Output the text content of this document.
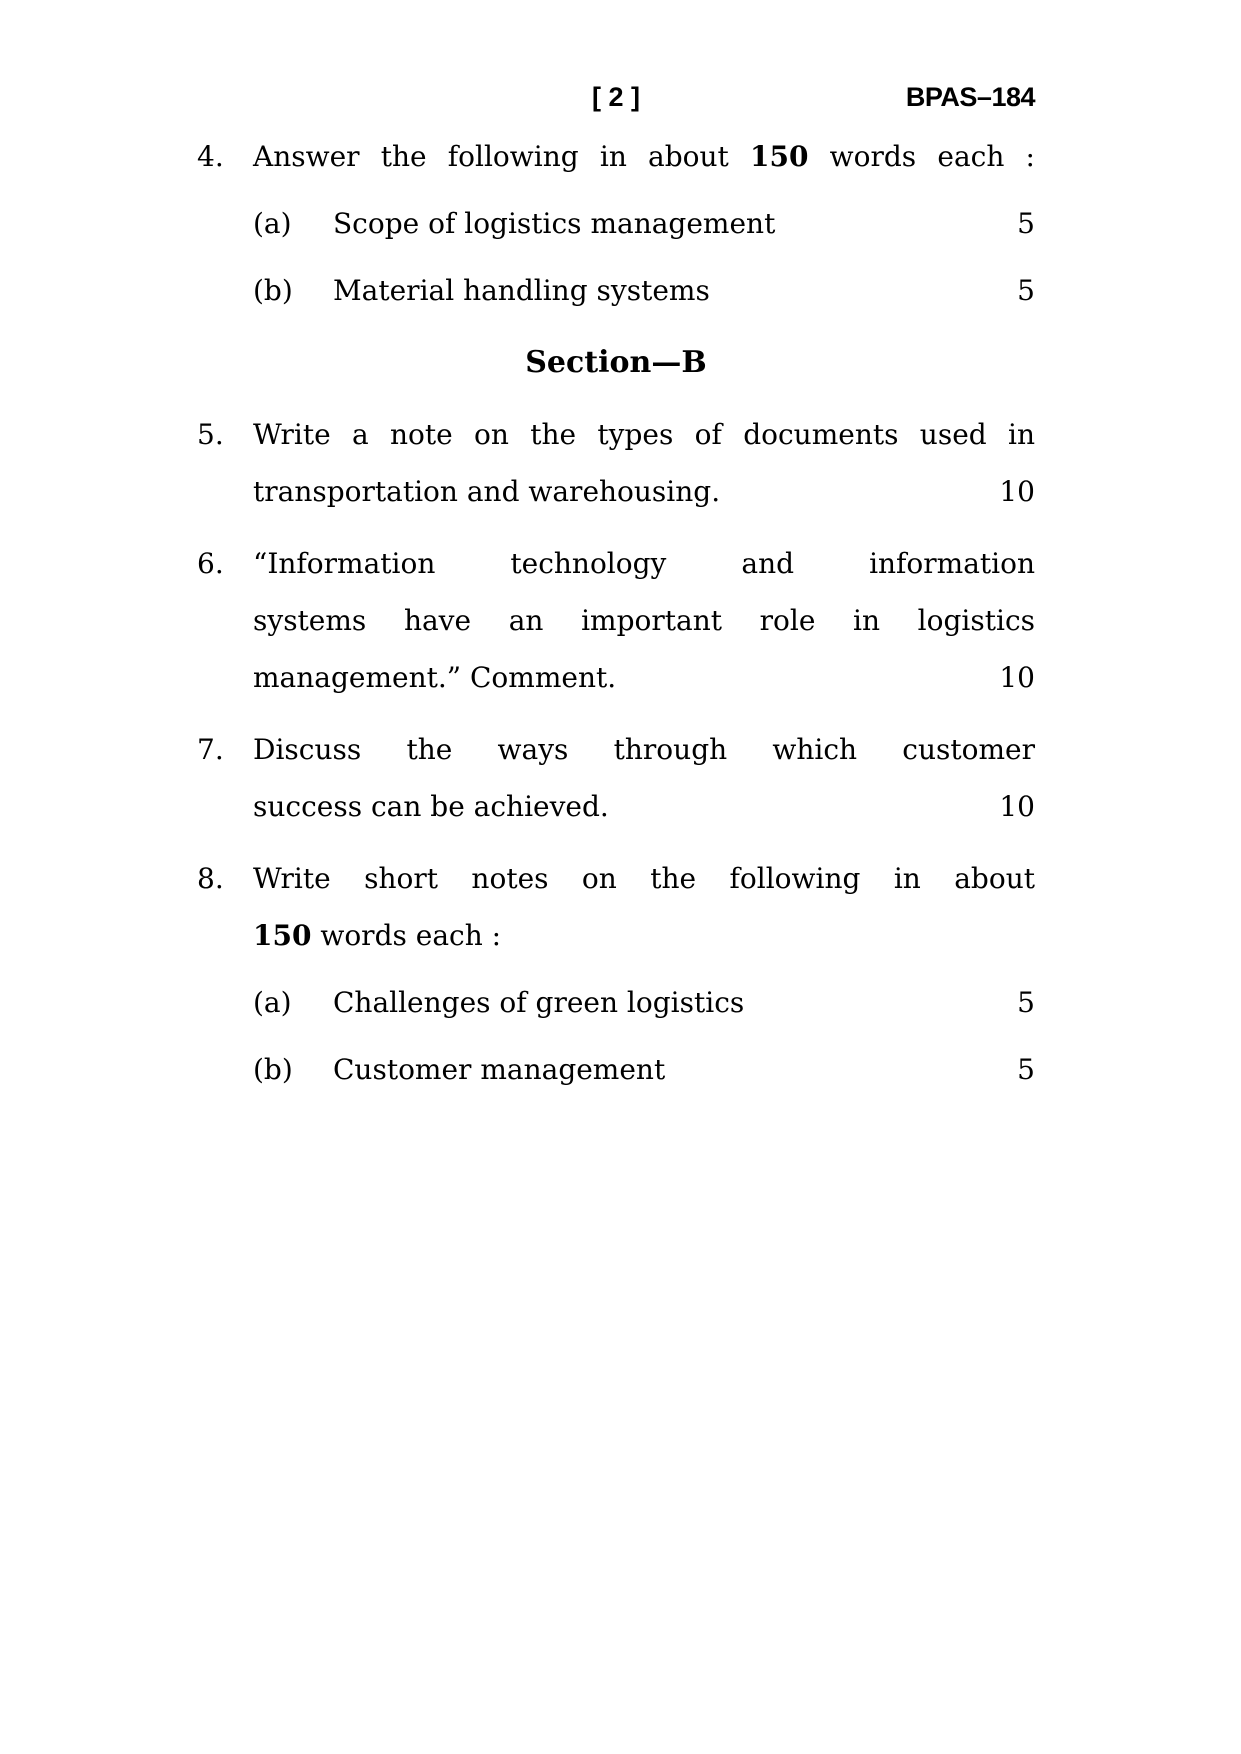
[ 2 ]	BPAS–184
4.	Answer the following in about 150 words each :
(a)	Scope of logistics management	5
(b)	Material handling systems	5
Section—B
5.	Write a note on the types of documents used in
transportation and warehousing.	10
6.	“Information technology and information
systems have an important role in logistics
management.” Comment.	10
7.	Discuss the ways through which customer
success can be achieved.	10
8.	Write short notes on the following in about
150 words each :
(a)	Challenges of green logistics	5
(b)	Customer management	5
